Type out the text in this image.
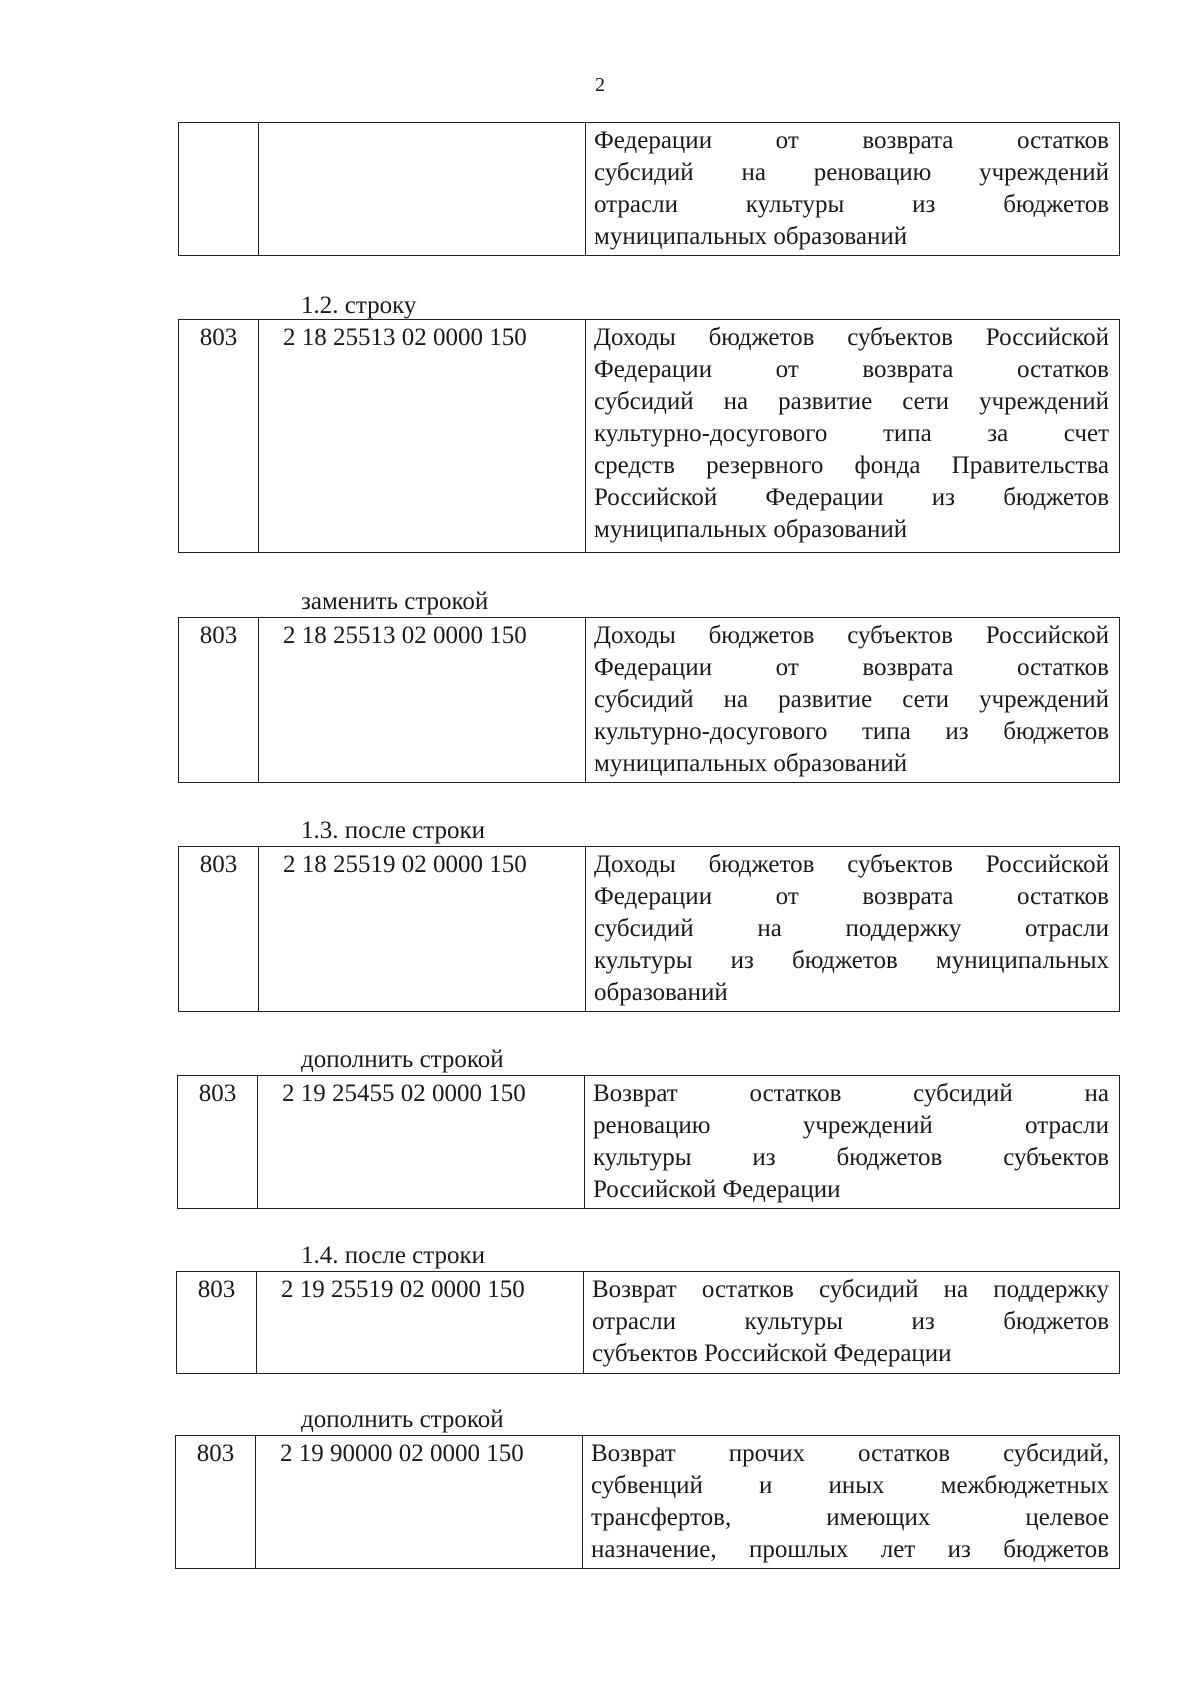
2
Федерации от возврата остатков
субсидий на реновацию учреждений
отрасли культуры из бюджетов
муниципальных образований
1.2. строку
803	2 18 25513 02 0000 150	Доходы бюджетов субъектов Российской
Федерации от возврата остатков
субсидий на развитие сети учреждений
культурно-досугового типа за счет
средств резервного фонда Правительства
Российской Федерации из бюджетов
муниципальных образований
заменить строкой
803	2 18 25513 02 0000 150	Доходы бюджетов субъектов Российской
Федерации от возврата остатков
субсидий на развитие сети учреждений
культурно-досугового типа из бюджетов
муниципальных образований
1.3. после строки
803	2 18 25519 02 0000 150	Доходы бюджетов субъектов Российской
Федерации от возврата остатков
субсидий на поддержку отрасли
культуры из бюджетов муниципальных
образований
дополнить строкой
803	2 19 25455 02 0000 150	Возврат остатков субсидий на
реновацию учреждений отрасли
культуры из бюджетов субъектов
Российской Федерации
1.4. после строки
803	2 19 25519 02 0000 150	Возврат остатков субсидий на поддержку
отрасли культуры из бюджетов
субъектов Российской Федерации
дополнить строкой
803	2 19 90000 02 0000 150	Возврат прочих остатков субсидий,
субвенций и иных межбюджетных
трансфертов, имеющих целевое
назначение, прошлых лет из бюджетов
